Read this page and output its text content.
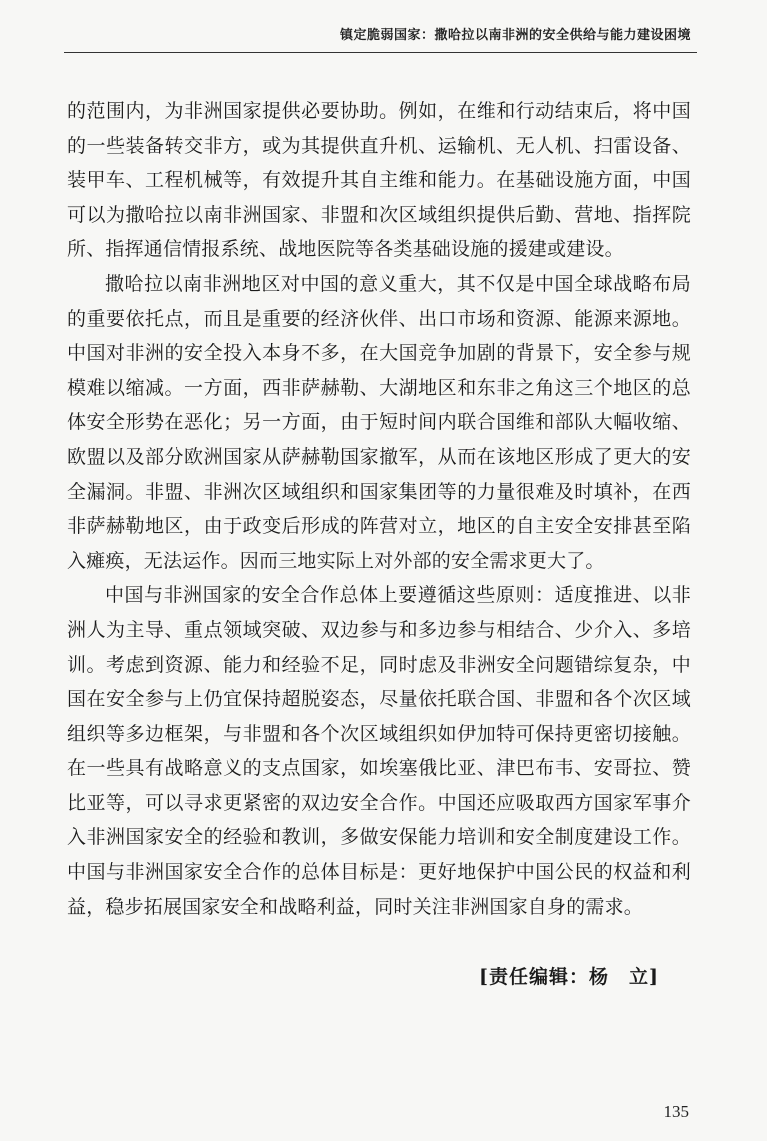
镇定脆弱国家：撒哈拉以南非洲的安全供给与能力建设困境

的范围内，为非洲国家提供必要协助。例如，在维和行动结束后，将中国的一些装备转交非方，或为其提供直升机、运输机、无人机、扫雷设备、装甲车、工程机械等，有效提升其自主维和能力。在基础设施方面，中国可以为撒哈拉以南非洲国家、非盟和次区域组织提供后勤、营地、指挥院所、指挥通信情报系统、战地医院等各类基础设施的援建或建设。

撒哈拉以南非洲地区对中国的意义重大，其不仅是中国全球战略布局的重要依托点，而且是重要的经济伙伴、出口市场和资源、能源来源地。中国对非洲的安全投入本身不多，在大国竞争加剧的背景下，安全参与规模难以缩减。一方面，西非萨赫勒、大湖地区和东非之角这三个地区的总体安全形势在恶化；另一方面，由于短时间内联合国维和部队大幅收缩、欧盟以及部分欧洲国家从萨赫勒国家撤军，从而在该地区形成了更大的安全漏洞。非盟、非洲次区域组织和国家集团等的力量很难及时填补，在西非萨赫勒地区，由于政变后形成的阵营对立，地区的自主安全安排甚至陷入瘫痪，无法运作。因而三地实际上对外部的安全需求更大了。

中国与非洲国家的安全合作总体上要遵循这些原则：适度推进、以非洲人为主导、重点领域突破、双边参与和多边参与相结合、少介入、多培训。考虑到资源、能力和经验不足，同时虑及非洲安全问题错综复杂，中国在安全参与上仍宜保持超脱姿态，尽量依托联合国、非盟和各个次区域组织等多边框架，与非盟和各个次区域组织如伊加特可保持更密切接触。在一些具有战略意义的支点国家，如埃塞俄比亚、津巴布韦、安哥拉、赞比亚等，可以寻求更紧密的双边安全合作。中国还应吸取西方国家军事介入非洲国家安全的经验和教训，多做安保能力培训和安全制度建设工作。中国与非洲国家安全合作的总体目标是：更好地保护中国公民的权益和利益，稳步拓展国家安全和战略利益，同时关注非洲国家自身的需求。

[责任编辑：杨　立]
135
